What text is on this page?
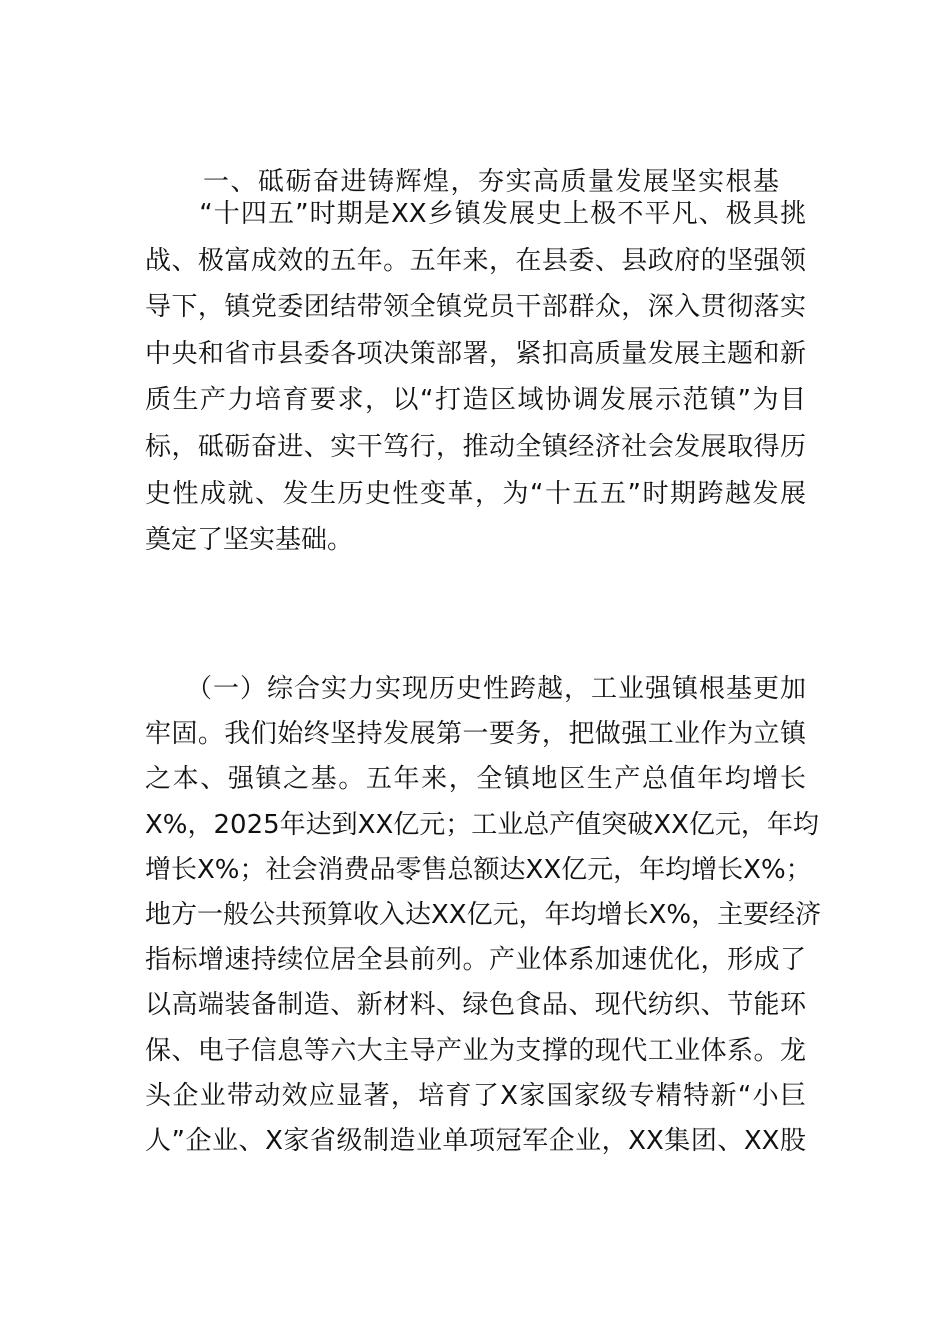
一、砥砺奋进铸辉煌，夯实高质量发展坚实根基
　　“十四五”时期是XX乡镇发展史上极不平凡、极具挑
战、极富成效的五年。五年来，在县委、县政府的坚强领
导下，镇党委团结带领全镇党员干部群众，深入贯彻落实
中央和省市县委各项决策部署，紧扣高质量发展主题和新
质生产力培育要求，以“打造区域协调发展示范镇”为目
标，砥砺奋进、实干笃行，推动全镇经济社会发展取得历
史性成就、发生历史性变革，为“十五五”时期跨越发展
奠定了坚实基础。
　　（一）综合实力实现历史性跨越，工业强镇根基更加
牢固。我们始终坚持发展第一要务，把做强工业作为立镇
之本、强镇之基。五年来，全镇地区生产总值年均增长
X%，2025年达到XX亿元；工业总产值突破XX亿元，年均
增长X%；社会消费品零售总额达XX亿元，年均增长X%；
地方一般公共预算收入达XX亿元，年均增长X%，主要经济
指标增速持续位居全县前列。产业体系加速优化，形成了
以高端装备制造、新材料、绿色食品、现代纺织、节能环
保、电子信息等六大主导产业为支撑的现代工业体系。龙
头企业带动效应显著，培育了X家国家级专精特新“小巨
人”企业、X家省级制造业单项冠军企业，XX集团、XX股
